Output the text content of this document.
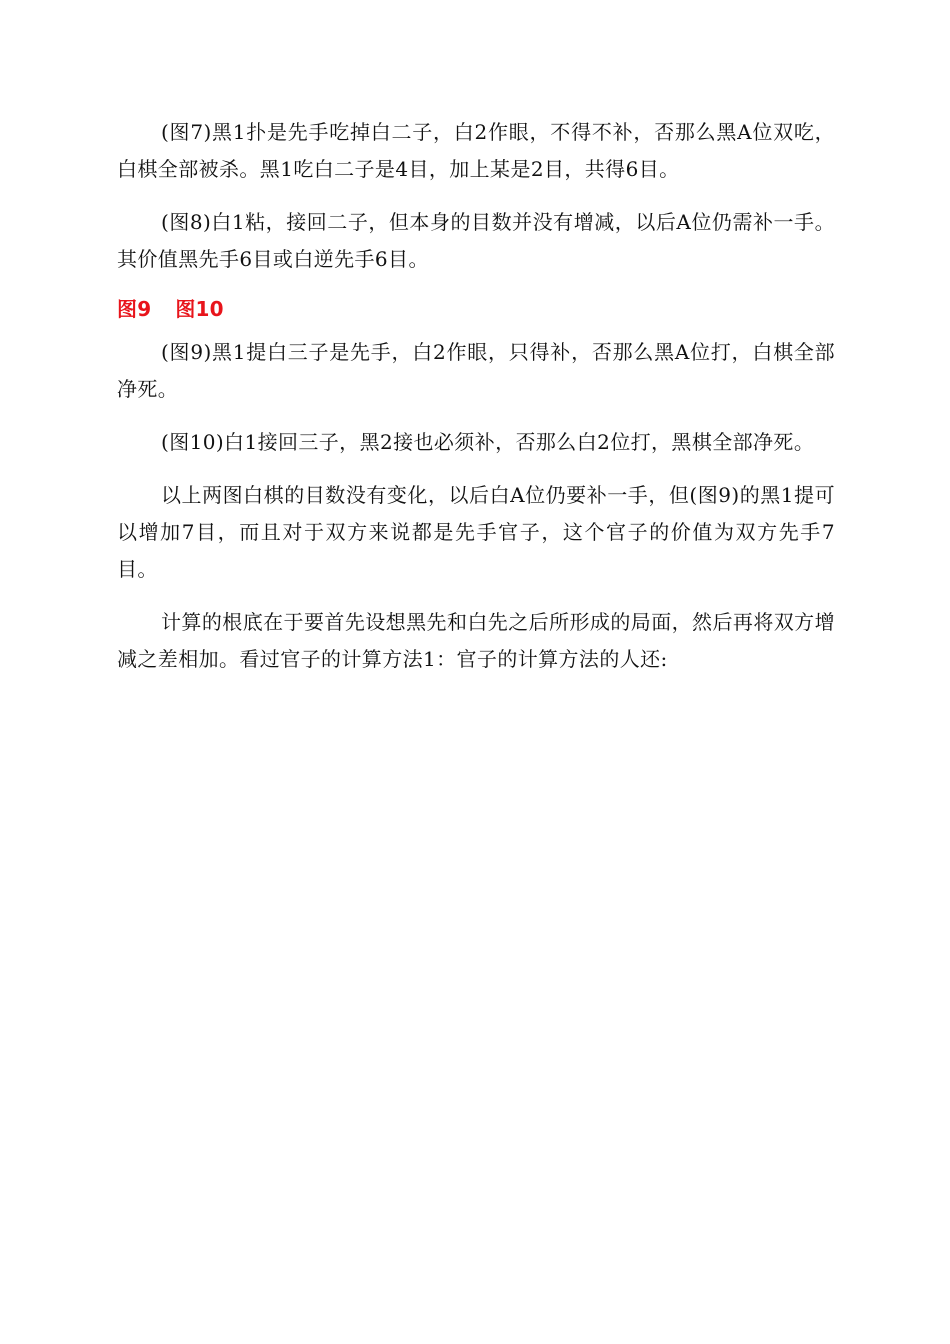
(图7)黑1扑是先手吃掉白二子，白2作眼，不得不补，否那么黑A位双吃，白棋全部被杀。黑1吃白二子是4目，加上某是2目，共得6目。

(图8)白1粘，接回二子，但本身的目数并没有增减，以后A位仍需补一手。其价值黑先手6目或白逆先手6目。

图9 图10

(图9)黑1提白三子是先手，白2作眼，只得补，否那么黑A位打，白棋全部净死。

(图10)白1接回三子，黑2接也必须补，否那么白2位打，黑棋全部净死。

以上两图白棋的目数没有变化，以后白A位仍要补一手，但(图9)的黑1提可以增加7目，而且对于双方来说都是先手官子，这个官子的价值为双方先手7目。

计算的根底在于要首先设想黑先和白先之后所形成的局面，然后再将双方增减之差相加。看过官子的计算方法1：官子的计算方法的人还:
